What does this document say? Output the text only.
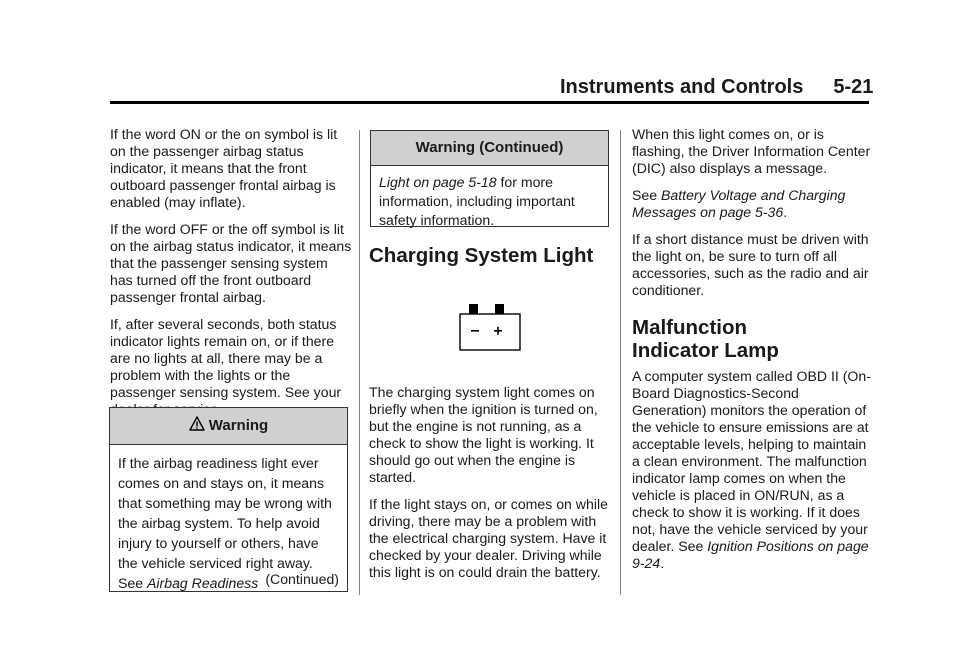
Instruments and Controls 5-21

If the word ON or the on symbol is lit on the passenger airbag status indicator, it means that the front outboard passenger frontal airbag is enabled (may inflate).

If the word OFF or the off symbol is lit on the airbag status indicator, it means that the passenger sensing system has turned off the front outboard passenger frontal airbag.

If, after several seconds, both status indicator lights remain on, or if there are no lights at all, there may be a problem with the lights or the passenger sensing system. See your

Warning
If the airbag readiness light ever comes on and stays on, it means that something may be wrong with the airbag system. To help avoid injury to yourself or others, have the vehicle serviced right away. See Airbag Readiness (Continued)
Warning (Continued)
Light on page 5-18 for more information, including important safety information.
Charging System Light

The charging system light comes on briefly when the ignition is turned on, but the engine is not running, as a check to show the light is working. It should go out when the engine is started.

If the light stays on, or comes on while driving, there may be a problem with the electrical charging system. Have it checked by your dealer. Driving while this light is on could drain the battery.

When this light comes on, or is flashing, the Driver Information Center (DIC) also displays a message.

See Battery Voltage and Charging Messages on page 5-36.

If a short distance must be driven with the light on, be sure to turn off all accessories, such as the radio and air conditioner.

Malfunction
Indicator Lamp

A computer system called OBD II (On-Board Diagnostics-Second Generation) monitors the operation of the vehicle to ensure emissions are at acceptable levels, helping to maintain a clean environment. The malfunction indicator lamp comes on when the vehicle is placed in ON/RUN, as a check to show it is working. If it does not, have the vehicle serviced by your dealer. See Ignition Positions on page 9-24.
